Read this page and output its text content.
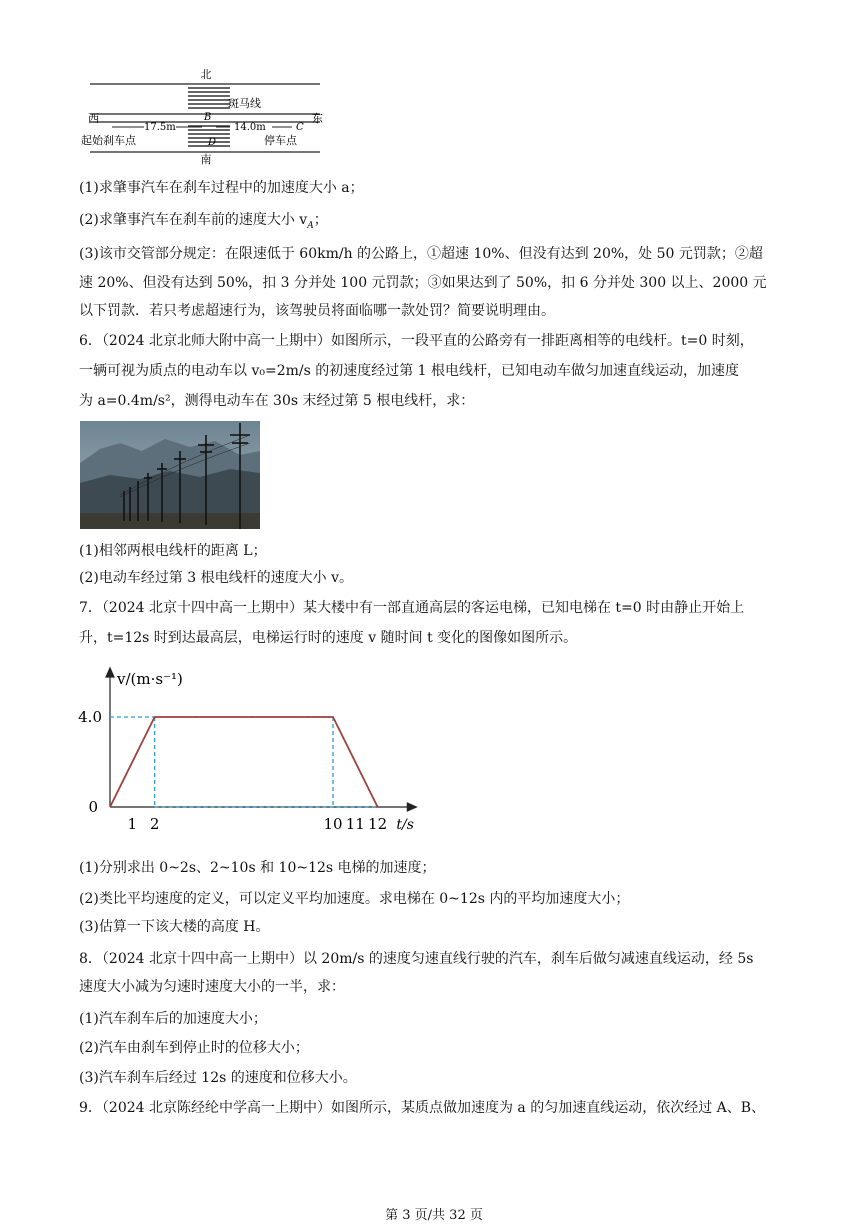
北
南
西	东
斑马线
B
17.5m	14.0m	C
D
起始刹车点	停车点
(1)求肇事汽车在刹车过程中的加速度大小 a；
(2)求肇事汽车在刹车前的速度大小 $v_A$；
(3)该市交管部分规定：在限速低于 60km/h 的公路上，①超速 10%、但没有达到 20%，处 50 元罚款；②超
速 20%、但没有达到 50%，扣 3 分并处 100 元罚款；③如果达到了 50%，扣 6 分并处 300 以上、2000 元
以下罚款．若只考虑超速行为，该驾驶员将面临哪一款处罚？简要说明理由。
6．（2024 北京北师大附中高一上期中）如图所示，一段平直的公路旁有一排距离相等的电线杆。t=0 时刻，
一辆可视为质点的电动车以 v₀=2m/s 的初速度经过第 1 根电线杆，已知电动车做匀加速直线运动，加速度
为 a=0.4m/s²，测得电动车在 30s 末经过第 5 根电线杆，求：
(1)相邻两根电线杆的距离 L；
(2)电动车经过第 3 根电线杆的速度大小 v。
7．（2024 北京十四中高一上期中）某大楼中有一部直通高层的客运电梯，已知电梯在 t=0 时由静止开始上
升，t=12s 时到达最高层，电梯运行时的速度 v 随时间 t 变化的图像如图所示。
v/(m·s⁻¹)
t/s
4.0
0
1 2	10 11 12
(1)分别求出 0~2s、2~10s 和 10~12s 电梯的加速度；
(2)类比平均速度的定义，可以定义平均加速度。求电梯在 0~12s 内的平均加速度大小；
(3)估算一下该大楼的高度 H。
8．（2024 北京十四中高一上期中）以 20m/s 的速度匀速直线行驶的汽车，刹车后做匀减速直线运动，经 5s
速度大小减为匀速时速度大小的一半，求：
(1)汽车刹车后的加速度大小；
(2)汽车由刹车到停止时的位移大小；
(3)汽车刹车后经过 12s 的速度和位移大小。
9．（2024 北京陈经纶中学高一上期中）如图所示，某质点做加速度为 a 的匀加速直线运动，依次经过 A、B、
第 3 页/共 32 页
